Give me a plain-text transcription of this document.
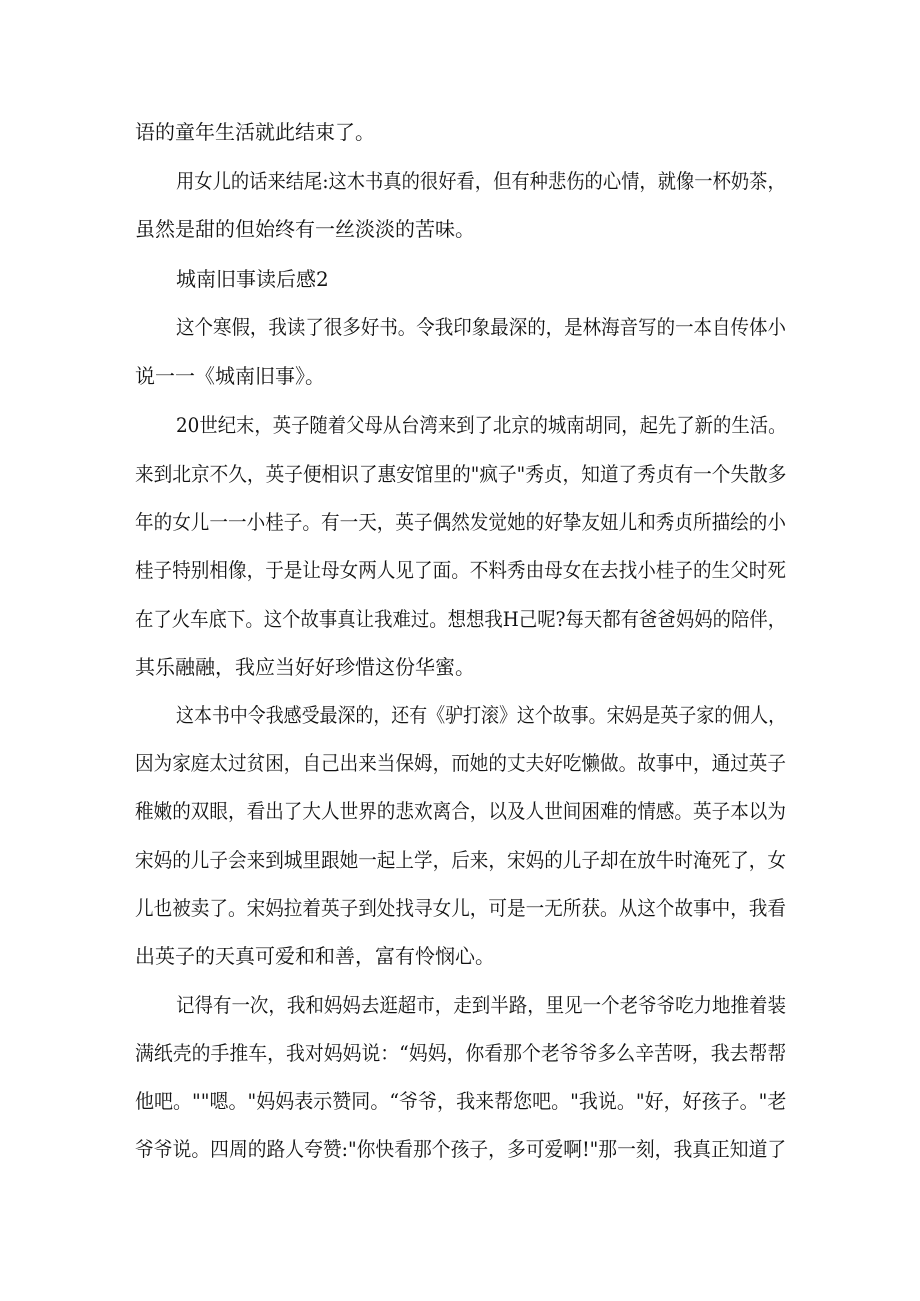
语的童年生活就此结束了。
用女儿的话来结尾:这木书真的很好看，但有种悲伤的心情，就像一杯奶茶，
虽然是甜的但始终有一丝淡淡的苦味。
城南旧事读后感2
这个寒假，我读了很多好书。令我印象最深的，是林海音写的一本自传体小
说一一《城南旧事》。
20世纪末，英子随着父母从台湾来到了北京的城南胡同，起先了新的生活。
来到北京不久，英子便相识了惠安馆里的"疯子"秀贞，知道了秀贞有一个失散多
年的女儿一一小桂子。有一天，英子偶然发觉她的好挚友妞儿和秀贞所描绘的小
桂子特别相像，于是让母女两人见了面。不料秀由母女在去找小桂子的生父时死
在了火车底下。这个故事真让我难过。想想我H己呢?每天都有爸爸妈妈的陪伴，
其乐融融，我应当好好珍惜这份华蜜。
这本书中令我感受最深的，还有《驴打滚》这个故事。宋妈是英子家的佣人，
因为家庭太过贫困，自己出来当保姆，而她的丈夫好吃懒做。故事中，通过英子
稚嫩的双眼，看出了大人世界的悲欢离合，以及人世间困难的情感。英子本以为
宋妈的儿子会来到城里跟她一起上学，后来，宋妈的儿子却在放牛时淹死了，女
儿也被卖了。宋妈拉着英子到处找寻女儿，可是一无所获。从这个故事中，我看
出英子的天真可爱和和善，富有怜悯心。
记得有一次，我和妈妈去逛超市，走到半路，里见一个老爷爷吃力地推着装
满纸壳的手推车，我对妈妈说：“妈妈，你看那个老爷爷多么辛苦呀，我去帮帮
他吧。""嗯。"妈妈表示赞同。“爷爷，我来帮您吧。"我说。"好，好孩子。"老
爷爷说。四周的路人夸赞:"你快看那个孩子，多可爱啊!"那一刻，我真正知道了
